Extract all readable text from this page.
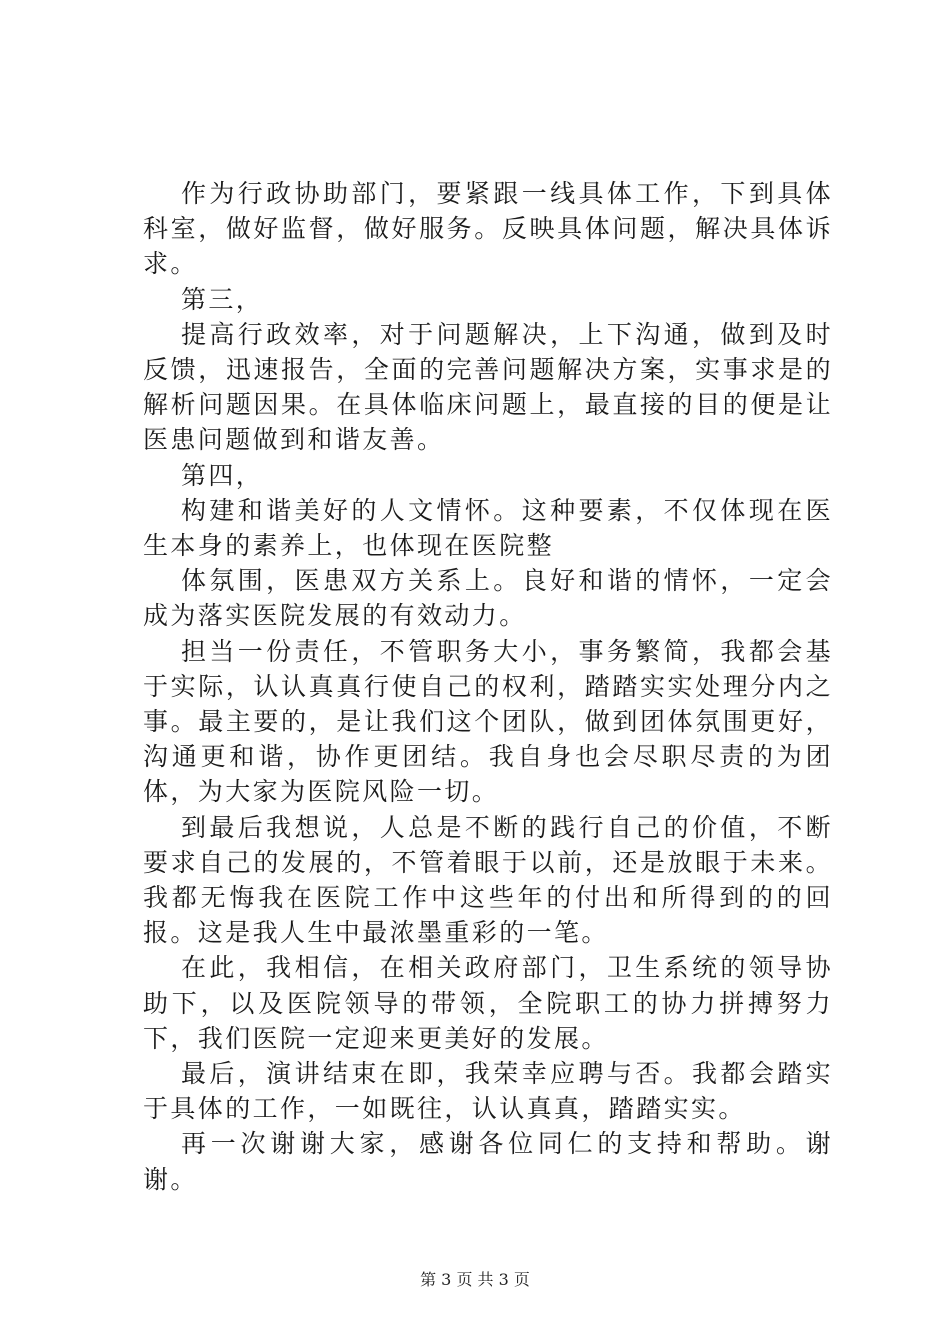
作为行政协助部门，要紧跟一线具体工作，下到具体科室，做好监督，做好服务。反映具体问题，解决具体诉求。

第三，

提高行政效率，对于问题解决，上下沟通，做到及时反馈，迅速报告，全面的完善问题解决方案，实事求是的解析问题因果。在具体临床问题上，最直接的目的便是让医患问题做到和谐友善。

第四，

构建和谐美好的人文情怀。这种要素，不仅体现在医生本身的素养上，也体现在医院整

体氛围，医患双方关系上。良好和谐的情怀，一定会成为落实医院发展的有效动力。

担当一份责任，不管职务大小，事务繁简，我都会基于实际，认认真真行使自己的权利，踏踏实实处理分内之事。最主要的，是让我们这个团队，做到团体氛围更好，沟通更和谐，协作更团结。我自身也会尽职尽责的为团体，为大家为医院风险一切。

到最后我想说，人总是不断的践行自己的价值，不断要求自己的发展的，不管着眼于以前，还是放眼于未来。我都无悔我在医院工作中这些年的付出和所得到的的回报。这是我人生中最浓墨重彩的一笔。

在此，我相信，在相关政府部门，卫生系统的领导协助下，以及医院领导的带领，全院职工的协力拼搏努力下，我们医院一定迎来更美好的发展。

最后，演讲结束在即，我荣幸应聘与否。我都会踏实于具体的工作，一如既往，认认真真，踏踏实实。

再一次谢谢大家，感谢各位同仁的支持和帮助。谢谢。

第 3 页 共 3 页
